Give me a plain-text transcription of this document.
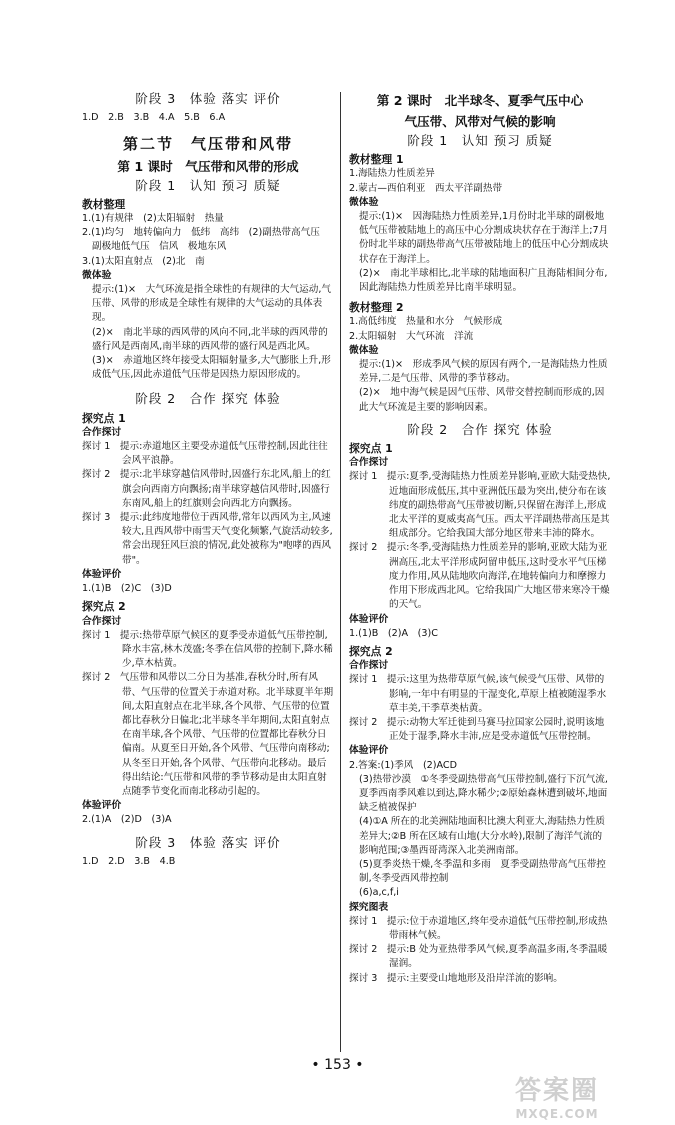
阶段 3　体验 落实 评价

1.D　2.B　3.B　4.A　5.B　6.A

第二节　气压带和风带
第 1 课时　气压带和风带的形成
阶段 1　认知 预习 质疑
教材整理

1.(1)有规律　(2)太阳辐射　热量

2.(1)均匀　地转偏向力　低纬　高纬　(2)副热带高气压　副极地低气压　信风　极地东风

3.(1)太阳直射点　(2)北　南

微体验

提示:(1)×　大气环流是指全球性的有规律的大气运动,气压带、风带的形成是全球性有规律的大气运动的具体表现。

(2)×　南北半球的西风带的风向不同,北半球的西风带的盛行风是西南风,南半球的西风带的盛行风是西北风。

(3)×　赤道地区终年接受太阳辐射量多,大气膨胀上升,形成低气压,因此赤道低气压带是因热力原因形成的。

阶段 2　合作 探究 体验
探究点 1
合作探讨

探讨 1　提示:赤道地区主要受赤道低气压带控制,因此往往会风平浪静。

探讨 2　提示:北半球穿越信风带时,因盛行东北风,船上的红旗会向西南方向飘扬;南半球穿越信风带时,因盛行东南风,船上的红旗则会向西北方向飘扬。

探讨 3　提示:此纬度地带位于西风带,常年以西风为主,风速较大,且西风带中雨雪天气变化频繁,气旋活动较多,常会出现狂风巨浪的情况,此处被称为"咆哮的西风带"。

体验评价

1.(1)B　(2)C　(3)D

探究点 2
合作探讨

探讨 1　提示:热带草原气候区的夏季受赤道低气压带控制,降水丰富,林木茂盛;冬季在信风带的控制下,降水稀少,草木枯黄。

探讨 2　气压带和风带以二分日为基准,春秋分时,所有风带、气压带的位置关于赤道对称。北半球夏半年期间,太阳直射点在北半球,各个风带、气压带的位置都比春秋分日偏北;北半球冬半年期间,太阳直射点在南半球,各个风带、气压带的位置都比春秋分日偏南。从夏至日开始,各个风带、气压带向南移动;从冬至日开始,各个风带、气压带向北移动。最后得出结论:气压带和风带的季节移动是由太阳直射点随季节变化而南北移动引起的。

体验评价

2.(1)A　(2)D　(3)A

阶段 3　体验 落实 评价

1.D　2.D　3.B　4.B

第 2 课时　北半球冬、夏季气压中心
气压带、风带对气候的影响
阶段 1　认知 预习 质疑
教材整理 1

1.海陆热力性质差异

2.蒙古—西伯利亚　西太平洋副热带

微体验

提示:(1)×　因海陆热力性质差异,1月份时北半球的副极地低气压带被陆地上的高压中心分割成块状存在于海洋上;7月份时北半球的副热带高气压带被陆地上的低压中心分割成块状存在于海洋上。

(2)×　南北半球相比,北半球的陆地面积广且海陆相间分布,因此海陆热力性质差异比南半球明显。

教材整理 2

1.高低纬度　热量和水分　气候形成

2.太阳辐射　大气环流　洋流

微体验

提示:(1)×　形成季风气候的原因有两个,一是海陆热力性质差异,二是气压带、风带的季节移动。

(2)×　地中海气候是因气压带、风带交替控制而形成的,因此大气环流是主要的影响因素。

阶段 2　合作 探究 体验
探究点 1
合作探讨

探讨 1　提示:夏季,受海陆热力性质差异影响,亚欧大陆受热快,近地面形成低压,其中亚洲低压最为突出,使分布在该纬度的副热带高气压带被切断,只保留在海洋上,形成北太平洋的夏威夷高气压。西太平洋副热带高压是其组成部分。它给我国大部分地区带来丰沛的降水。

探讨 2　提示:冬季,受海陆热力性质差异的影响,亚欧大陆为亚洲高压,北太平洋形成阿留申低压,这时受水平气压梯度力作用,风从陆地吹向海洋,在地转偏向力和摩擦力作用下形成西北风。它给我国广大地区带来寒冷干燥的天气。

体验评价

1.(1)B　(2)A　(3)C

探究点 2
合作探讨

探讨 1　提示:这里为热带草原气候,该气候受气压带、风带的影响,一年中有明显的干湿变化,草原上植被随湿季水草丰美,干季草类枯黄。

探讨 2　提示:动物大军迁徙到马赛马拉国家公园时,说明该地正处于湿季,降水丰沛,应是受赤道低气压带控制。

体验评价

2.答案:(1)季风　(2)ACD

(3)热带沙漠　①冬季受副热带高气压带控制,盛行下沉气流,夏季西南季风难以到达,降水稀少;②原始森林遭到破坏,地面缺乏植被保护

(4)①A 所在的北美洲陆地面积比澳大利亚大,海陆热力性质差异大;②B 所在区域有山地(大分水岭),限制了海洋气流的影响范围;③墨西哥湾深入北美洲南部。

(5)夏季炎热干燥,冬季温和多雨　夏季受副热带高气压带控制,冬季受西风带控制

(6)a,c,f,i

探究图表

探讨 1　提示:位于赤道地区,终年受赤道低气压带控制,形成热带雨林气候。

探讨 2　提示:B 处为亚热带季风气候,夏季高温多雨,冬季温暖湿润。

探讨 3　提示:主要受山地地形及沿岸洋流的影响。

• 153 •
答案圈
MXQE.COM
